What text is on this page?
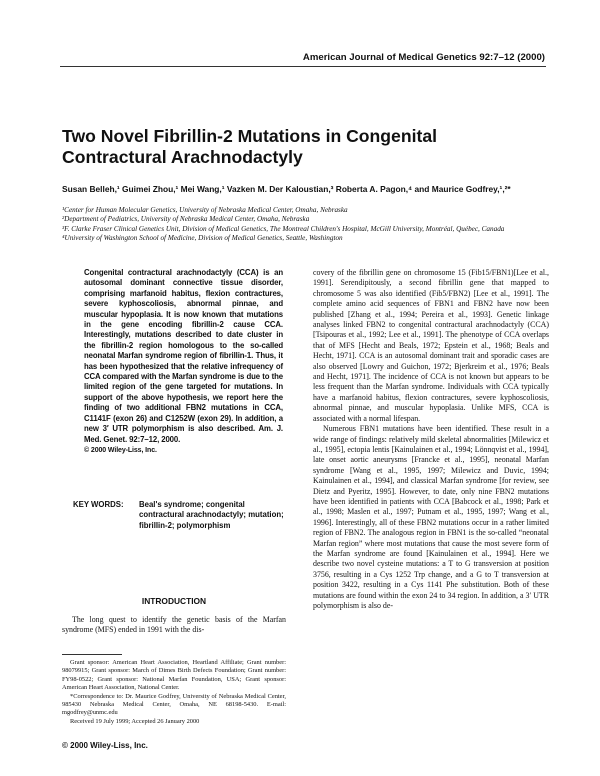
American Journal of Medical Genetics 92:7–12 (2000)
Two Novel Fibrillin-2 Mutations in Congenital Contractural Arachnodactyly

Susan Belleh,¹ Guimei Zhou,¹ Mei Wang,¹ Vazken M. Der Kaloustian,³ Roberta A. Pagon,⁴ and Maurice Godfrey,¹,²*

¹Center for Human Molecular Genetics, University of Nebraska Medical Center, Omaha, Nebraska
²Department of Pediatrics, University of Nebraska Medical Center, Omaha, Nebraska
³F. Clarke Fraser Clinical Genetics Unit, Division of Medical Genetics, The Montreal Children's Hospital, McGill University, Montréal, Québec, Canada
⁴University of Washington School of Medicine, Division of Medical Genetics, Seattle, Washington

Congenital contractural arachnodactyly (CCA) is an autosomal dominant connective tissue disorder, comprising marfanoid habitus, flexion contractures, severe kyphoscoliosis, abnormal pinnae, and muscular hypoplasia. It is now known that mutations in the gene encoding fibrillin-2 cause CCA. Interestingly, mutations described to date cluster in the fibrillin-2 region homologous to the so-called neonatal Marfan syndrome region of fibrillin-1. Thus, it has been hypothesized that the relative infrequency of CCA compared with the Marfan syndrome is due to the limited region of the gene targeted for mutations. In support of the above hypothesis, we report here the finding of two additional FBN2 mutations in CCA, C1141F (exon 26) and C1252W (exon 29). In addition, a new 3′ UTR polymorphism is also described. Am. J. Med. Genet. 92:7–12, 2000.
© 2000 Wiley-Liss, Inc.

KEY WORDS:	Beal's syndrome; congenital contractural arachnodactyly; mutation; fibrillin-2; polymorphism
INTRODUCTION

The long quest to identify the genetic basis of the Marfan syndrome (MFS) ended in 1991 with the dis-

Grant sponsor: American Heart Association, Heartland Affiliate; Grant number: 98079915; Grant sponsor: March of Dimes Birth Defects Foundation; Grant number: FY98-0522; Grant sponsor: National Marfan Foundation, USA; Grant sponsor: American Heart Association, National Center.

*Correspondence to: Dr. Maurice Godfrey, University of Nebraska Medical Center, 985430 Nebraska Medical Center, Omaha, NE 68198-5430. E-mail: mgodfrey@unmc.edu

Received 19 July 1999; Accepted 26 January 2000

© 2000 Wiley-Liss, Inc.

covery of the fibrillin gene on chromosome 15 (Fib15/FBN1)[Lee et al., 1991]. Serendipitously, a second fibrillin gene that mapped to chromosome 5 was also identified (Fib5/FBN2) [Lee et al., 1991]. The complete amino acid sequences of FBN1 and FBN2 have now been published [Zhang et al., 1994; Pereira et al., 1993]. Genetic linkage analyses linked FBN2 to congenital contractural arachnodactyly (CCA) [Tsipouras et al., 1992; Lee et al., 1991]. The phenotype of CCA overlaps that of MFS [Hecht and Beals, 1972; Epstein et al., 1968; Beals and Hecht, 1971]. CCA is an autosomal dominant trait and sporadic cases are also observed [Lowry and Guichon, 1972; Bjerkreim et al., 1976; Beals and Hecht, 1971]. The incidence of CCA is not known but appears to be less frequent than the Marfan syndrome. Individuals with CCA typically have a marfanoid habitus, flexion contractures, severe kyphoscoliosis, abnormal pinnae, and muscular hypoplasia. Unlike MFS, CCA is associated with a normal lifespan.

Numerous FBN1 mutations have been identified. These result in a wide range of findings: relatively mild skeletal abnormalities [Milewicz et al., 1995], ectopia lentis [Kainulainen et al., 1994; Lönnqvist et al., 1994], late onset aortic aneurysms [Francke et al., 1995], neonatal Marfan syndrome [Wang et al., 1995, 1997; Milewicz and Duvic, 1994; Kainulainen et al., 1994], and classical Marfan syndrome [for review, see Dietz and Pyeritz, 1995]. However, to date, only nine FBN2 mutations have been identified in patients with CCA [Babcock et al., 1998; Park et al., 1998; Maslen et al., 1997; Putnam et al., 1995, 1997; Wang et al., 1996]. Interestingly, all of these FBN2 mutations occur in a rather limited region of FBN2. The analogous region in FBN1 is the so-called “neonatal Marfan region” where most mutations that cause the most severe form of the Marfan syndrome are found [Kainulainen et al., 1994]. Here we describe two novel cysteine mutations: a T to G transversion at position 3756, resulting in a Cys 1252 Trp change, and a G to T transversion at position 3422, resulting in a Cys 1141 Phe substitution. Both of these mutations are found within the exon 24 to 34 region. In addition, a 3′ UTR polymorphism is also de-
